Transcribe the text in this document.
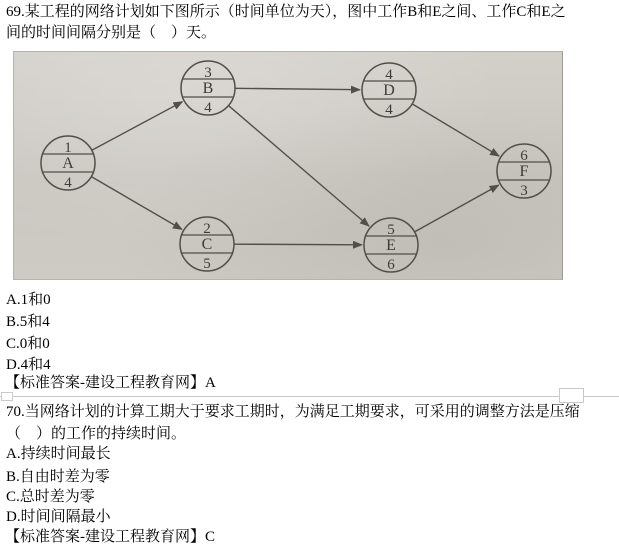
69.某工程的网络计划如下图所示（时间单位为天），图中工作B和E之间、工作C和E之
间的时间间隔分别是（　）天。
1
A
4
3
B
4
2
C
5
4
D
4
5
E
6
6
F
3
A.1和0
B.5和4
C.0和0
D.4和4
【标准答案-建设工程教育网】A
70.当网络计划的计算工期大于要求工期时，为满足工期要求，可采用的调整方法是压缩
（　）的工作的持续时间。
A.持续时间最长
B.自由时差为零
C.总时差为零
D.时间间隔最小
【标准答案-建设工程教育网】C
